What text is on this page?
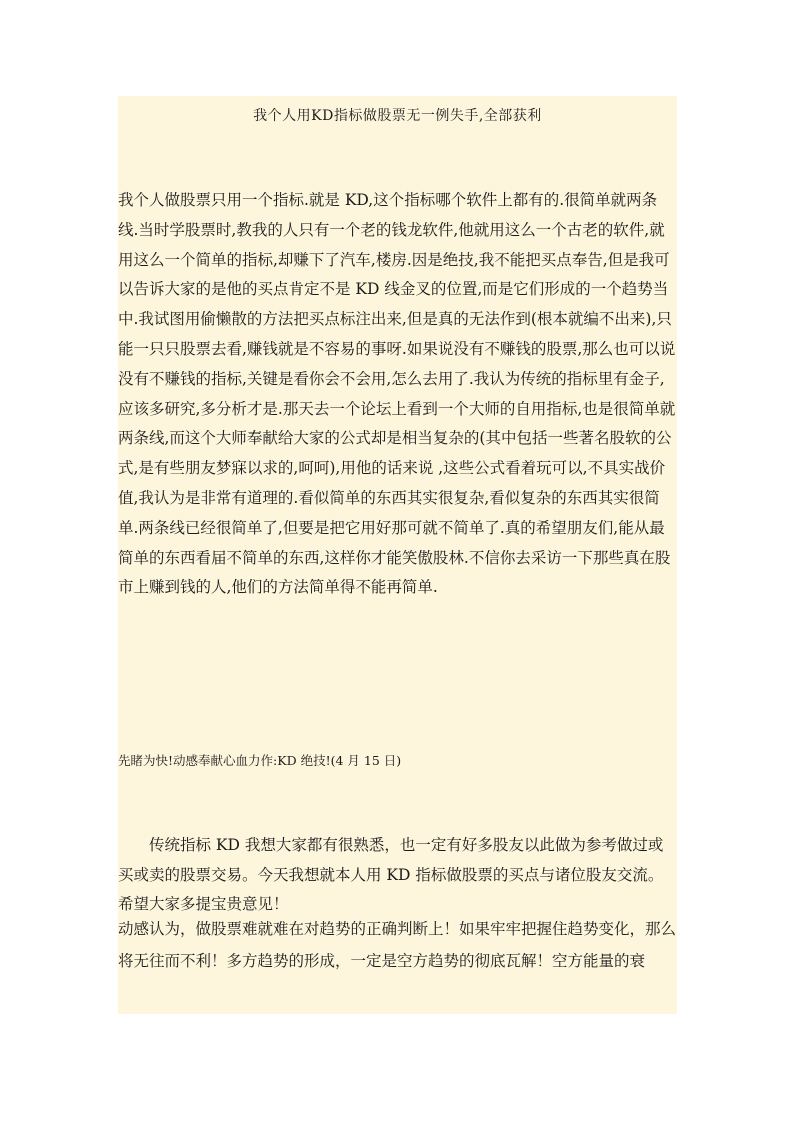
我个人用KD指标做股票无一例失手,全部获利

我个人做股票只用一个指标.就是 KD,这个指标哪个软件上都有的.很简单就两条线.当时学股票时,教我的人只有一个老的钱龙软件,他就用这么一个古老的软件,就用这么一个简单的指标,却赚下了汽车,楼房.因是绝技,我不能把买点奉告,但是我可以告诉大家的是他的买点肯定不是 KD 线金叉的位置,而是它们形成的一个趋势当中.我试图用偷懒散的方法把买点标注出来,但是真的无法作到(根本就编不出来),只能一只只股票去看,赚钱就是不容易的事呀.如果说没有不赚钱的股票,那么也可以说没有不赚钱的指标,关键是看你会不会用,怎么去用了.我认为传统的指标里有金子,应该多研究,多分析才是.那天去一个论坛上看到一个大师的自用指标,也是很简单就两条线,而这个大师奉献给大家的公式却是相当复杂的(其中包括一些著名股软的公式,是有些朋友梦寐以求的,呵呵),用他的话来说 ,这些公式看着玩可以,不具实战价值,我认为是非常有道理的.看似简单的东西其实很复杂,看似复杂的东西其实很简单.两条线已经很简单了,但要是把它用好那可就不简单了.真的希望朋友们,能从最简单的东西看届不简单的东西,这样你才能笑傲股林.不信你去采访一下那些真在股市上赚到钱的人,他们的方法简单得不能再简单.

先睹为快!动感奉献心血力作:KD 绝技!(4 月 15 日)

传统指标 KD 我想大家都有很熟悉，也一定有好多股友以此做为参考做过或买或卖的股票交易。今天我想就本人用 KD 指标做股票的买点与诸位股友交流。希望大家多提宝贵意见！

动感认为，做股票难就难在对趋势的正确判断上！如果牢牢把握住趋势变化，那么将无往而不利！多方趋势的形成，一定是空方趋势的彻底瓦解！空方能量的衰
